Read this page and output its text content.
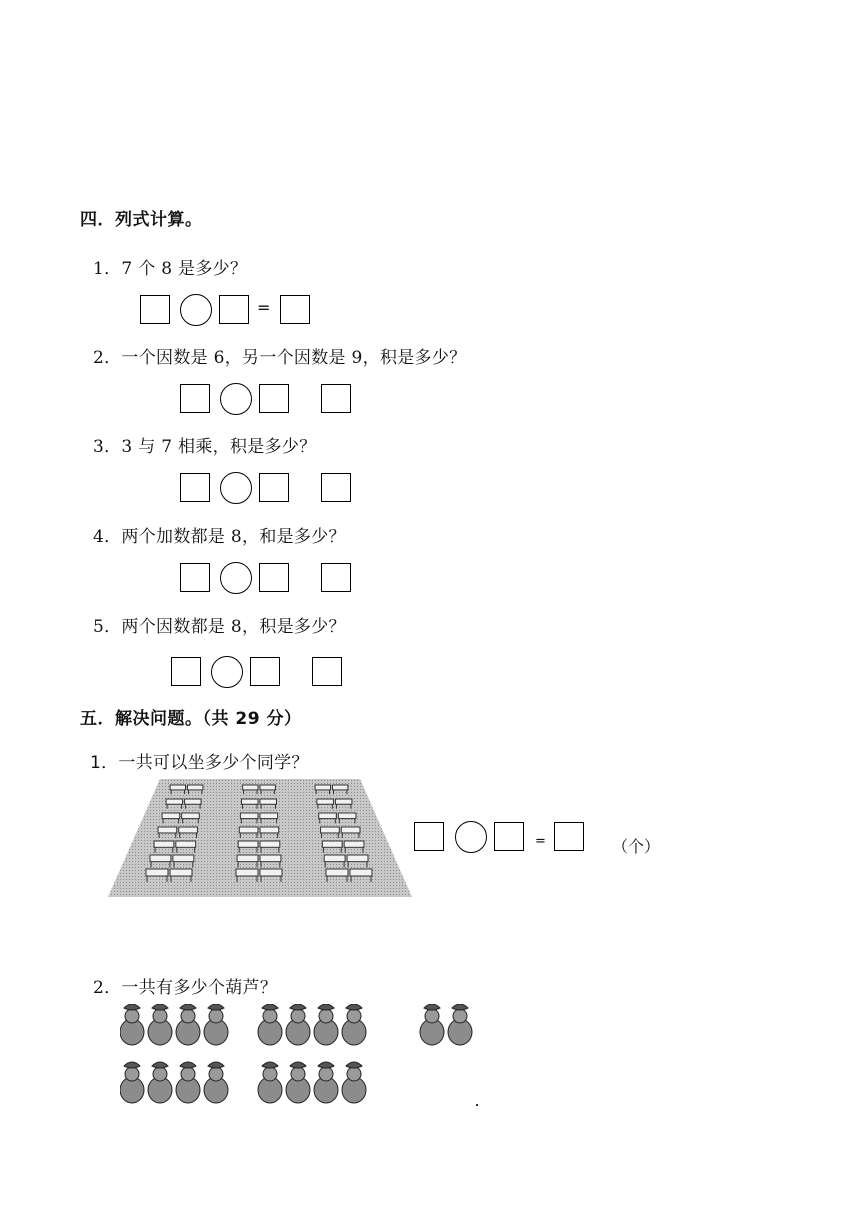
四．列式计算。
1．7 个 8 是多少？
=
2．一个因数是 6，另一个因数是 9，积是多少？
3．3 与 7 相乘，积是多少？
4．两个加数都是 8，和是多少？
5．两个因数都是 8，积是多少？
五．解决问题。（共 29 分）
1．一共可以坐多少个同学？
=	（个）
2．一共有多少个葫芦？
